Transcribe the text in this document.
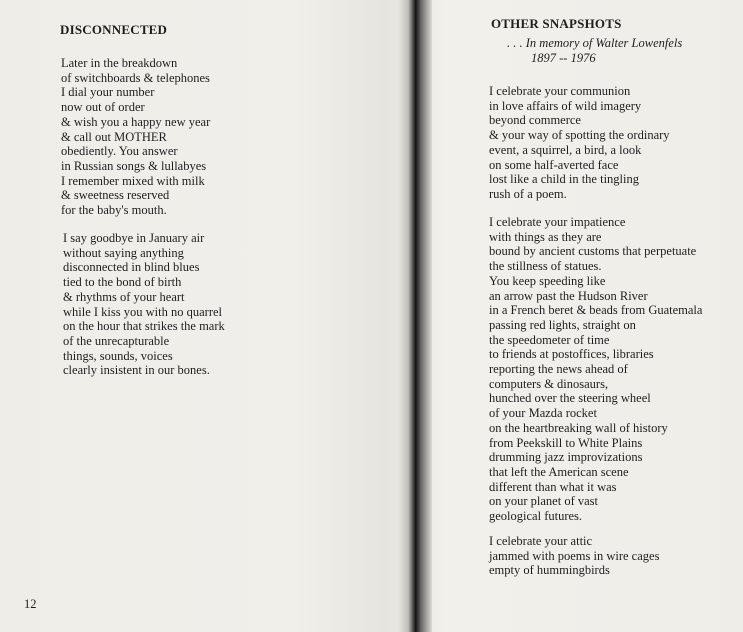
DISCONNECTED
Later in the breakdown
of switchboards & telephones
I dial your number
now out of order
& wish you a happy new year
& call out MOTHER
obediently. You answer
in Russian songs & lullabyes
I remember mixed with milk
& sweetness reserved
for the baby's mouth.
I say goodbye in January air
without saying anything
disconnected in blind blues
tied to the bond of birth
& rhythms of your heart
while I kiss you with no quarrel
on the hour that strikes the mark
of the unrecapturable
things, sounds, voices
clearly insistent in our bones.
12
OTHER SNAPSHOTS
. . . In memory of Walter Lowenfels
1897 -- 1976
I celebrate your communion
in love affairs of wild imagery
beyond commerce
& your way of spotting the ordinary
event, a squirrel, a bird, a look
on some half-averted face
lost like a child in the tingling
rush of a poem.
I celebrate your impatience
with things as they are
bound by ancient customs that perpetuate
the stillness of statues.
You keep speeding like
an arrow past the Hudson River
in a French beret & beads from Guatemala
passing red lights, straight on
the speedometer of time
to friends at postoffices, libraries
reporting the news ahead of
computers & dinosaurs,
hunched over the steering wheel
of your Mazda rocket
on the heartbreaking wall of history
from Peekskill to White Plains
drumming jazz improvizations
that left the American scene
different than what it was
on your planet of vast
geological futures.
I celebrate your attic
jammed with poems in wire cages
empty of hummingbirds
